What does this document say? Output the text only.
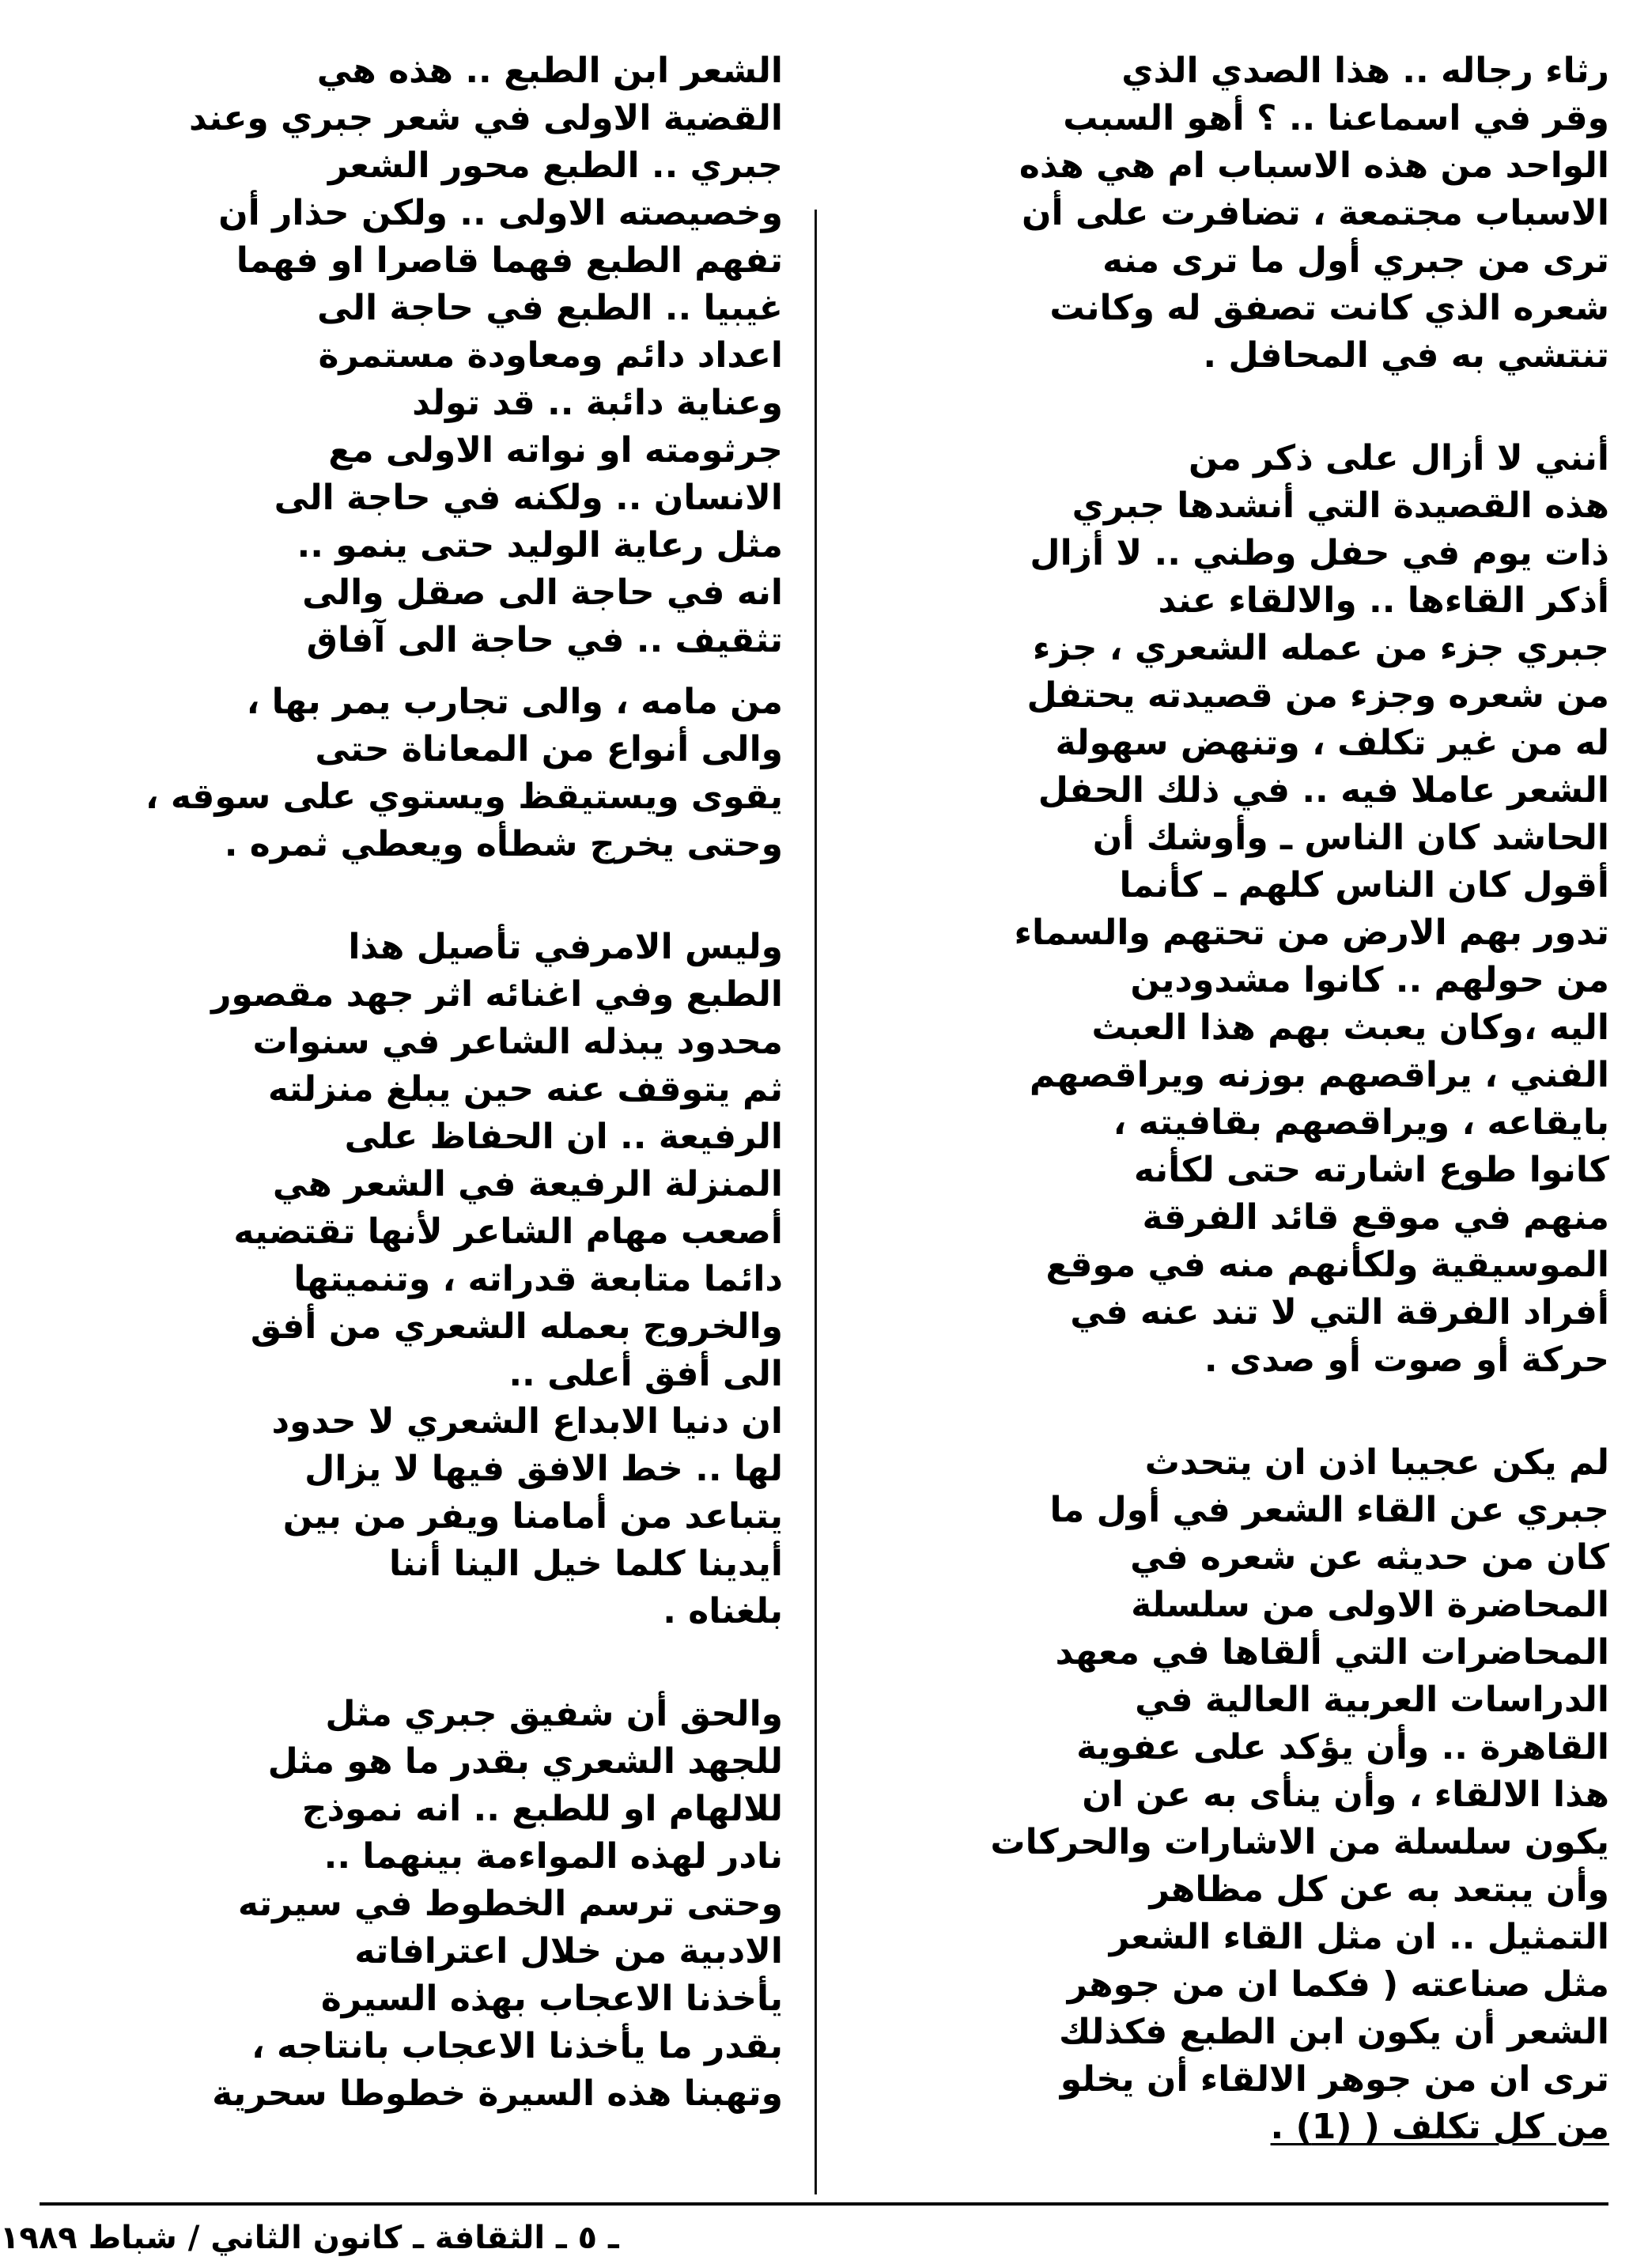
رثاء رجاله .. هذا الصدي الذي
وقر في اسماعنا .. ؟ أهو السبب
الواحد من هذه الاسباب ام هي هذه
الاسباب مجتمعة ، تضافرت على أن
ترى من جبري أول ما ترى منه
شعره الذي كانت تصفق له وكانت
تنتشي به في المحافل .

أنني لا أزال على ذكر من
هذه القصيدة التي أنشدها جبري
ذات يوم في حفل وطني .. لا أزال
أذكر القاءها .. والالقاء عند
جبري جزء من عمله الشعري ، جزء
من شعره وجزء من قصيدته يحتفل
له من غير تكلف ، وتنهض سهولة
الشعر عاملا فيه .. في ذلك الحفل
الحاشد كان الناس ـ وأوشك أن
أقول كان الناس كلهم ـ كأنما
تدور بهم الارض من تحتهم والسماء
من حولهم .. كانوا مشدودين
اليه ،وكان يعبث بهم هذا العبث
الفني ، يراقصهم بوزنه ويراقصهم
بايقاعه ، ويراقصهم بقافيته ،
كانوا طوع اشارته حتى لكأنه
منهم في موقع قائد الفرقة
الموسيقية ولكأنهم منه في موقع
أفراد الفرقة التي لا تند عنه في
حركة أو صوت أو صدى .

لم يكن عجيبا اذن ان يتحدث
جبري عن القاء الشعر في أول ما
كان من حديثه عن شعره في
المحاضرة الاولى من سلسلة
المحاضرات التي ألقاها في معهد
الدراسات العربية العالية في
القاهرة .. وأن يؤكد على عفوية
هذا الالقاء ، وأن ينأى به عن ان
يكون سلسلة من الاشارات والحركات
وأن يبتعد به عن كل مظاهر
التمثيل .. ان مثل القاء الشعر
مثل صناعته ( فكما ان من جوهر
الشعر أن يكون ابن الطبع فكذلك
ترى ان من جوهر الالقاء أن يخلو

من كل تكلف ( (1) .

الشعر ابن الطبع .. هذه هي
القضية الاولى في شعر جبري وعند
جبري .. الطبع محور الشعر
وخصيصته الاولى .. ولكن حذار أن
تفهم الطبع فهما قاصرا او فهما
غيبيا .. الطبع في حاجة الى
اعداد دائم ومعاودة مستمرة
وعناية دائبة .. قد تولد
جرثومته او نواته الاولى مع
الانسان .. ولكنه في حاجة الى
مثل رعاية الوليد حتى ينمو ..
انه في حاجة الى صقل والى
تثقيف .. في حاجة الى آفاق

من مامه ، والى تجارب يمر بها ،
والى أنواع من المعاناة حتى
يقوى ويستيقظ ويستوي على سوقه ،
وحتى يخرج شطأه ويعطي ثمره .

وليس الامرفي تأصيل هذا
الطبع وفي اغنائه اثر جهد مقصور
محدود يبذله الشاعر في سنوات
ثم يتوقف عنه حين يبلغ منزلته
الرفيعة .. ان الحفاظ على
المنزلة الرفيعة في الشعر هي
أصعب مهام الشاعر لأنها تقتضيه
دائما متابعة قدراته ، وتنميتها
والخروج بعمله الشعري من أفق
الى أفق أعلى ..

ان دنيا الابداع الشعري لا حدود
لها .. خط الافق فيها لا يزال
يتباعد من أمامنا ويفر من بين
أيدينا كلما خيل الينا أننا
بلغناه .

والحق أن شفيق جبري مثل
للجهد الشعري بقدر ما هو مثل
للالهام او للطبع .. انه نموذج
نادر لهذه المواءمة بينهما ..
وحتى ترسم الخطوط في سيرته
الادبية من خلال اعترافاته
يأخذنا الاعجاب بهذه السيرة
بقدر ما يأخذنا الاعجاب بانتاجه ،
وتهبنا هذه السيرة خطوطا سحرية

ـ ٥ ـ الثقافة ـ كانون الثاني / شباط ١٩٨٩
